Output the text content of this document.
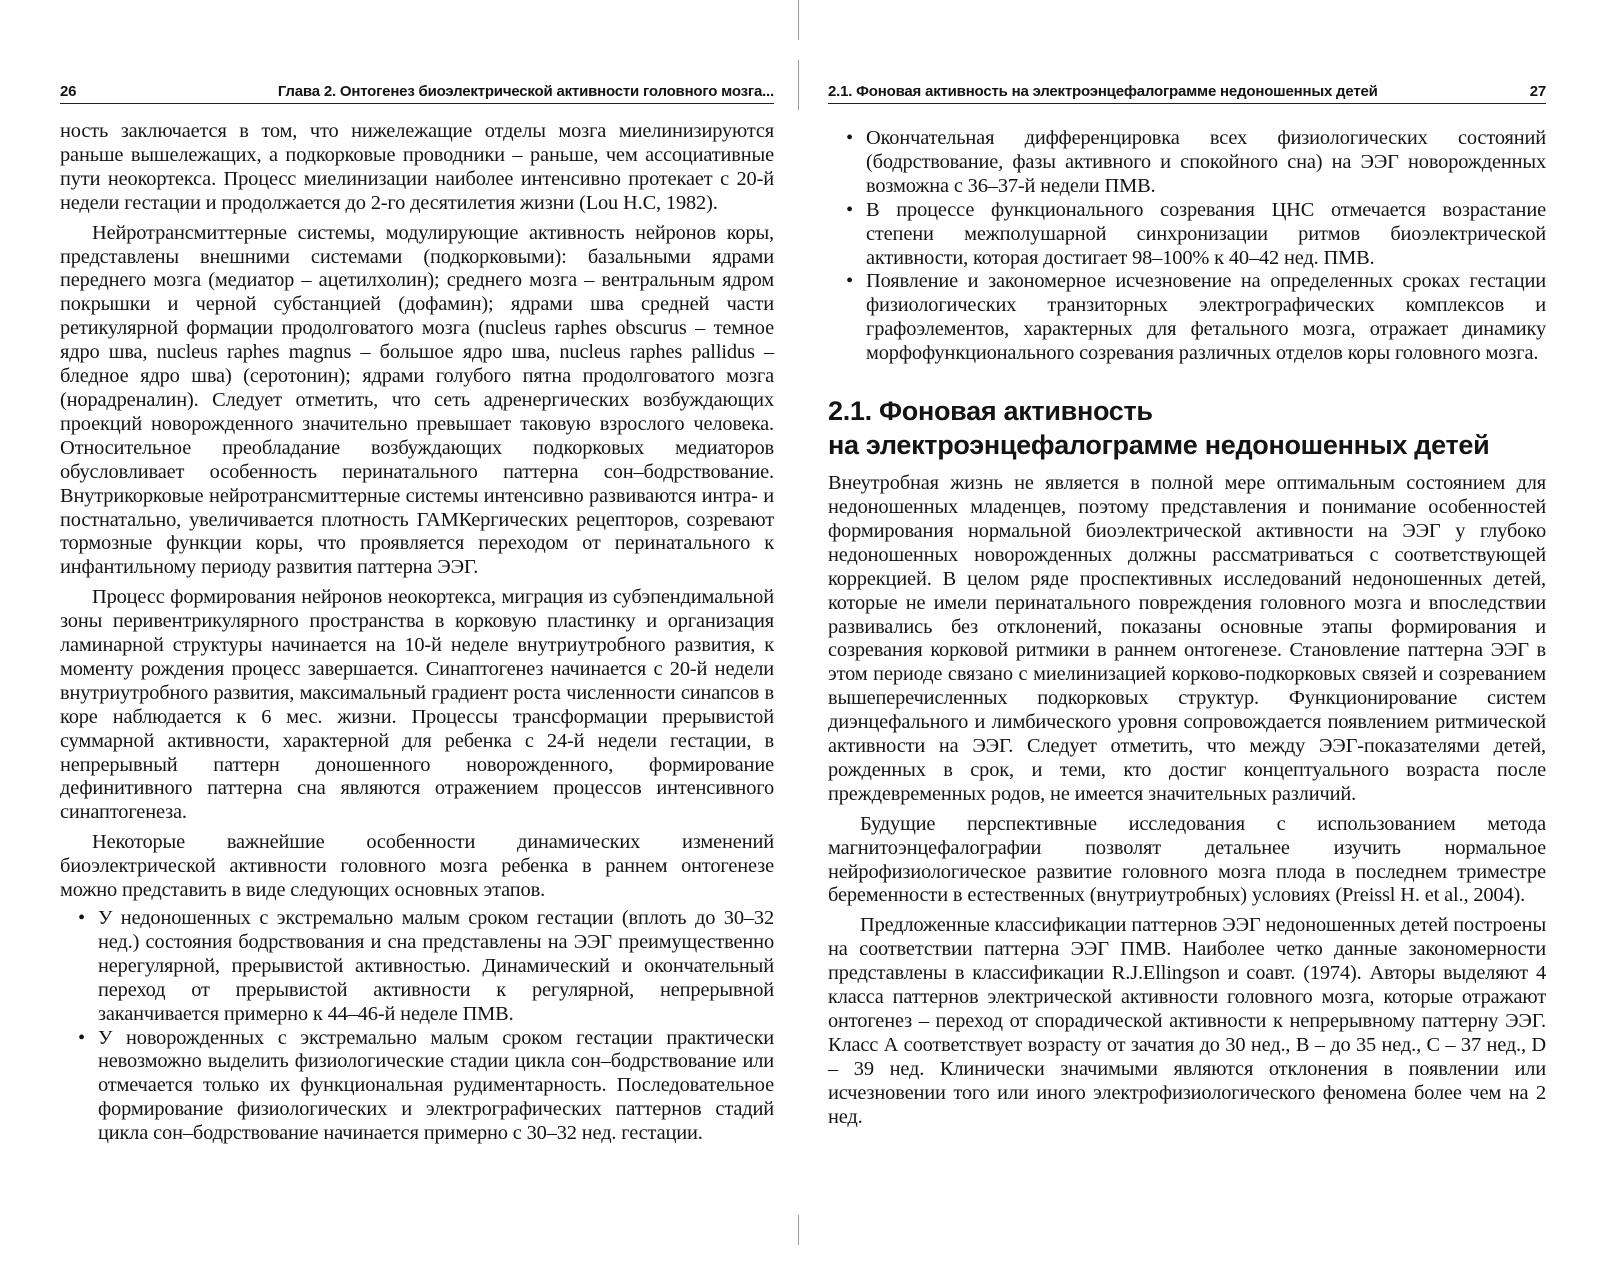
26	Глава 2. Онтогенез биоэлектрической активности головного мозга...

ность заключается в том, что нижележащие отделы мозга миелинизируются раньше вышележащих, а подкорковые проводники – раньше, чем ассоциативные пути неокортекса. Процесс миелинизации наиболее интенсивно протекает с 20-й недели гестации и продолжается до 2-го десятилетия жизни (Lou H.C, 1982).

Нейротрансмиттерные системы, модулирующие активность нейронов коры, представлены внешними системами (подкорковыми): базальными ядрами переднего мозга (медиатор – ацетилхолин); среднего мозга – вентральным ядром покрышки и черной субстанцией (дофамин); ядрами шва средней части ретикулярной формации продолговатого мозга (nucleus raphes obscurus – темное ядро шва, nucleus raphes magnus – большое ядро шва, nucleus raphes pallidus – бледное ядро шва) (серотонин); ядрами голубого пятна продолговатого мозга (норадреналин). Следует отметить, что сеть адренергических возбуждающих проекций новорожденного значительно превышает таковую взрослого человека. Относительное преобладание возбуждающих подкорковых медиаторов обусловливает особенность перинатального паттерна сон–бодрствование. Внутрикорковые нейротрансмиттерные системы интенсивно развиваются интра- и постнатально, увеличивается плотность ГАМКергических рецепторов, созревают тормозные функции коры, что проявляется переходом от перинатального к инфантильному периоду развития паттерна ЭЭГ.

Процесс формирования нейронов неокортекса, миграция из субэпендимальной зоны перивентрикулярного пространства в корковую пластинку и организация ламинарной структуры начинается на 10-й неделе внутриутробного развития, к моменту рождения процесс завершается. Синаптогенез начинается с 20-й недели внутриутробного развития, максимальный градиент роста численности синапсов в коре наблюдается к 6 мес. жизни. Процессы трансформации прерывистой суммарной активности, характерной для ребенка с 24-й недели гестации, в непрерывный паттерн доношенного новорожденного, формирование дефинитивного паттерна сна являются отражением процессов интенсивного синаптогенеза.

Некоторые важнейшие особенности динамических изменений биоэлектрической активности головного мозга ребенка в раннем онтогенезе можно представить в виде следующих основных этапов.

• У недоношенных с экстремально малым сроком гестации (вплоть до 30–32 нед.) состояния бодрствования и сна представлены на ЭЭГ преимущественно нерегулярной, прерывистой активностью. Динамический и окончательный переход от прерывистой активности к регулярной, непрерывной заканчивается примерно к 44–46-й неделе ПМВ.
• У новорожденных с экстремально малым сроком гестации практически невозможно выделить физиологические стадии цикла сон–бодрствование или отмечается только их функциональная рудиментарность. Последовательное формирование физиологических и электрографических паттернов стадий цикла сон–бодрствование начинается примерно с 30–32 нед. гестации.
2.1. Фоновая активность на электроэнцефалограмме недоношенных детей	27
• Окончательная дифференцировка всех физиологических состояний (бодрствование, фазы активного и спокойного сна) на ЭЭГ новорожденных возможна с 36–37-й недели ПМВ.
• В процессе функционального созревания ЦНС отмечается возрастание степени межполушарной синхронизации ритмов биоэлектрической активности, которая достигает 98–100% к 40–42 нед. ПМВ.
• Появление и закономерное исчезновение на определенных сроках гестации физиологических транзиторных электрографических комплексов и графоэлементов, характерных для фетального мозга, отражает динамику морфофункционального созревания различных отделов коры головного мозга.
2.1. Фоновая активность
на электроэнцефалограмме недоношенных детей

Внеутробная жизнь не является в полной мере оптимальным состоянием для недоношенных младенцев, поэтому представления и понимание особенностей формирования нормальной биоэлектрической активности на ЭЭГ у глубоко недоношенных новорожденных должны рассматриваться с соответствующей коррекцией. В целом ряде проспективных исследований недоношенных детей, которые не имели перинатального повреждения головного мозга и впоследствии развивались без отклонений, показаны основные этапы формирования и созревания корковой ритмики в раннем онтогенезе. Становление паттерна ЭЭГ в этом периоде связано с миелинизацией корково-подкорковых связей и созреванием вышеперечисленных подкорковых структур. Функционирование систем диэнцефального и лимбического уровня сопровождается появлением ритмической активности на ЭЭГ. Следует отметить, что между ЭЭГ-показателями детей, рожденных в срок, и теми, кто достиг концептуального возраста после преждевременных родов, не имеется значительных различий.

Будущие перспективные исследования с использованием метода магнитоэнцефалографии позволят детальнее изучить нормальное нейрофизиологическое развитие головного мозга плода в последнем триместре беременности в естественных (внутриутробных) условиях (Preissl H. et al., 2004).

Предложенные классификации паттернов ЭЭГ недоношенных детей построены на соответствии паттерна ЭЭГ ПМВ. Наиболее четко данные закономерности представлены в классификации R.J.Ellingson и соавт. (1974). Авторы выделяют 4 класса паттернов электрической активности головного мозга, которые отражают онтогенез – переход от спорадической активности к непрерывному паттерну ЭЭГ. Класс А соответствует возрасту от зачатия до 30 нед., В – до 35 нед., С – 37 нед., D – 39 нед. Клинически значимыми являются отклонения в появлении или исчезновении того или иного электрофизиологического феномена более чем на 2 нед.
